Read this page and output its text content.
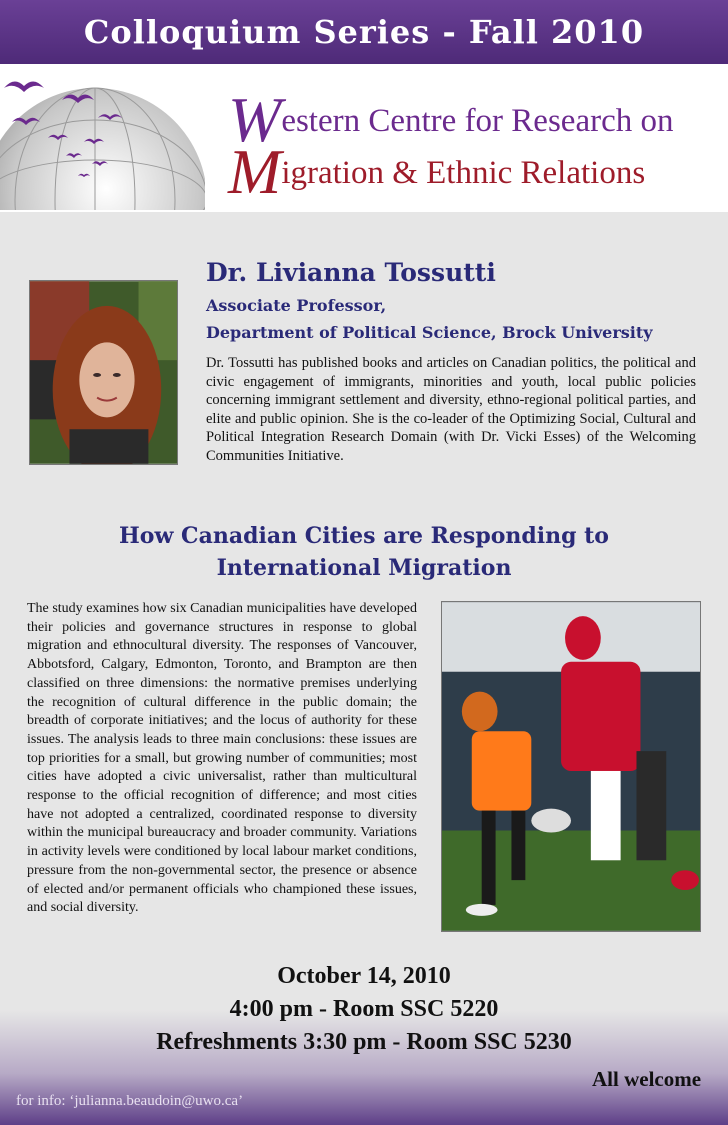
Colloquium Series - Fall 2010
Western Centre for Research on
Migration & Ethnic Relations
Dr. Livianna Tossutti
Associate Professor,
Department of Political Science, Brock University
Dr. Tossutti has published books and articles on Canadian politics, the political and civic engagement of immigrants, minorities and youth, local public policies concerning immigrant settlement and diversity, ethno-regional political parties, and elite and public opinion. She is the co-leader of the Optimizing Social, Cultural and Political Integration Research Domain (with Dr. Vicki Esses) of the Welcoming Communities Initiative.
How Canadian Cities are Responding to
International Migration
The study examines how six Canadian municipalities have developed their policies and governance structures in response to global migration and ethnocultural diversity. The responses of Vancouver, Abbotsford, Calgary, Edmonton, Toronto, and Brampton are then classified on three dimensions: the normative premises underlying the recognition of cultural difference in the public domain; the breadth of corporate initiatives; and the locus of authority for these issues. The analysis leads to three main conclusions: these issues are top priorities for a small, but growing number of communities; most cities have adopted a civic universalist, rather than multicultural response to the official recognition of difference; and most cities have not adopted a centralized, coordinated response to diversity within the municipal bureaucracy and broader community. Variations in activity levels were conditioned by local labour market conditions, pressure from the non-governmental sector, the presence or absence of elected and/or permanent officials who championed these issues, and social diversity.
October 14, 2010
4:00 pm - Room SSC 5220
Refreshments 3:30 pm - Room SSC 5230
All welcome
for info: ‘julianna.beaudoin@uwo.ca’
